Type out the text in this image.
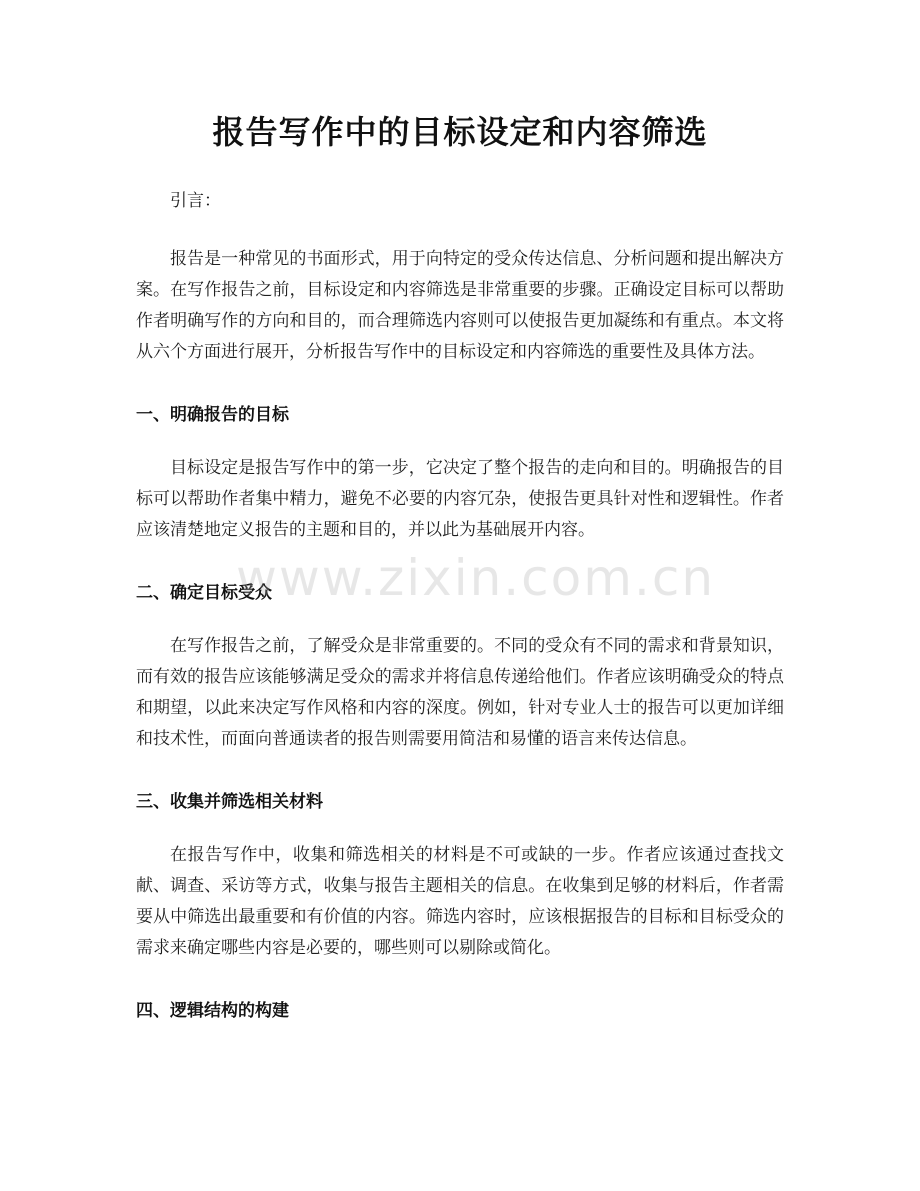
报告写作中的目标设定和内容筛选

引言：

报告是一种常见的书面形式，用于向特定的受众传达信息、分析问题和提出解决方案。在写作报告之前，目标设定和内容筛选是非常重要的步骤。正确设定目标可以帮助作者明确写作的方向和目的，而合理筛选内容则可以使报告更加凝练和有重点。本文将从六个方面进行展开，分析报告写作中的目标设定和内容筛选的重要性及具体方法。

一、明确报告的目标

目标设定是报告写作中的第一步，它决定了整个报告的走向和目的。明确报告的目标可以帮助作者集中精力，避免不必要的内容冗杂，使报告更具针对性和逻辑性。作者应该清楚地定义报告的主题和目的，并以此为基础展开内容。

二、确定目标受众

在写作报告之前，了解受众是非常重要的。不同的受众有不同的需求和背景知识，而有效的报告应该能够满足受众的需求并将信息传递给他们。作者应该明确受众的特点和期望，以此来决定写作风格和内容的深度。例如，针对专业人士的报告可以更加详细和技术性，而面向普通读者的报告则需要用简洁和易懂的语言来传达信息。

三、收集并筛选相关材料

在报告写作中，收集和筛选相关的材料是不可或缺的一步。作者应该通过查找文献、调查、采访等方式，收集与报告主题相关的信息。在收集到足够的材料后，作者需要从中筛选出最重要和有价值的内容。筛选内容时，应该根据报告的目标和目标受众的需求来确定哪些内容是必要的，哪些则可以剔除或简化。

四、逻辑结构的构建
www.zixin.com.cn
